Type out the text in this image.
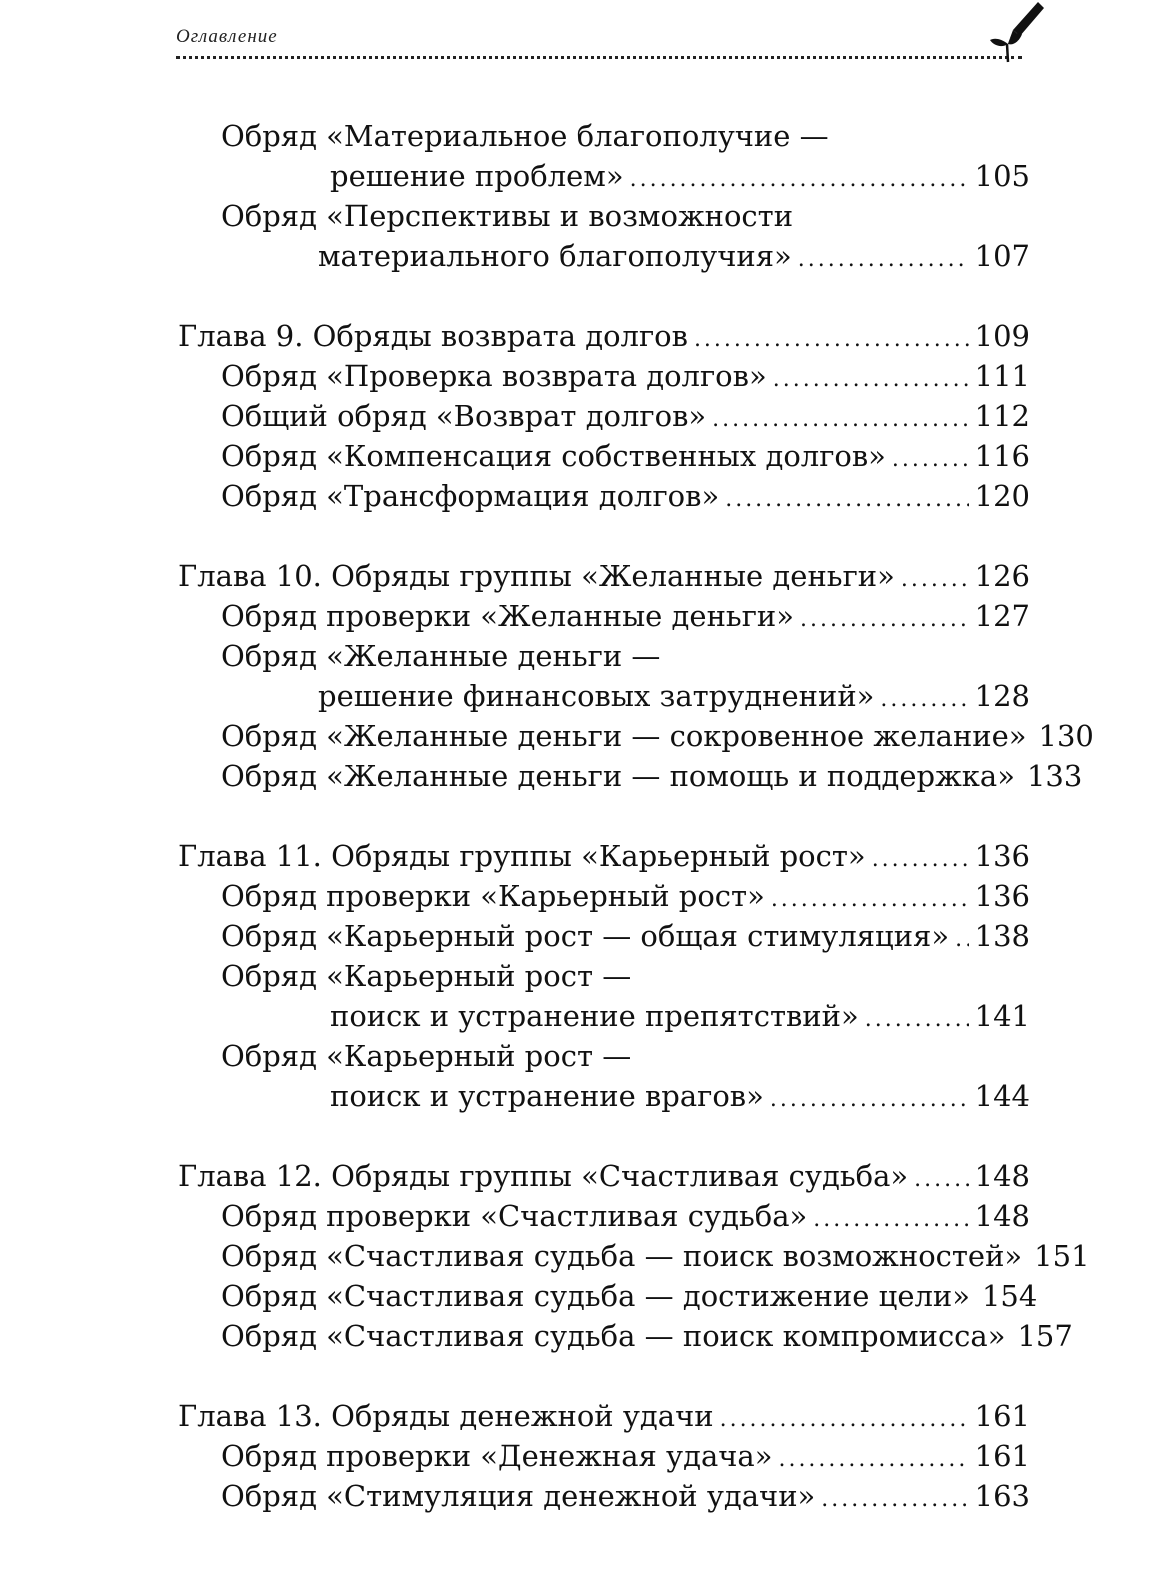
Оглавление
Обряд «Материальное благополучие —
решение проблем» .....	105
Обряд «Перспективы и возможности
материального благополучия» .....	107
Глава 9. Обряды возврата долгов .....	109
Обряд «Проверка возврата долгов» .....	111
Общий обряд «Возврат долгов» .....	112
Обряд «Компенсация собственных долгов» .....	116
Обряд «Трансформация долгов» .....	120
Глава 10. Обряды группы «Желанные деньги» .....	126
Обряд проверки «Желанные деньги» .....	127
Обряд «Желанные деньги —
решение финансовых затруднений» .....	128
Обряд «Желанные деньги — сокровенное желание» 130
Обряд «Желанные деньги — помощь и поддержка» 133
Глава 11. Обряды группы «Карьерный рост» .....	136
Обряд проверки «Карьерный рост» .....	136
Обряд «Карьерный рост — общая стимуляция» ..... 138
Обряд «Карьерный рост —
поиск и устранение препятствий» .....	141
Обряд «Карьерный рост —
поиск и устранение врагов» .....	144
Глава 12. Обряды группы «Счастливая судьба» ..... 148
Обряд проверки «Счастливая судьба» .....	148
Обряд «Счастливая судьба — поиск возможностей» 151
Обряд «Счастливая судьба — достижение цели» 154
Обряд «Счастливая судьба — поиск компромисса» 157
Глава 13. Обряды денежной удачи .....	161
Обряд проверки «Денежная удача» .....	161
Обряд «Стимуляция денежной удачи» .....	163
